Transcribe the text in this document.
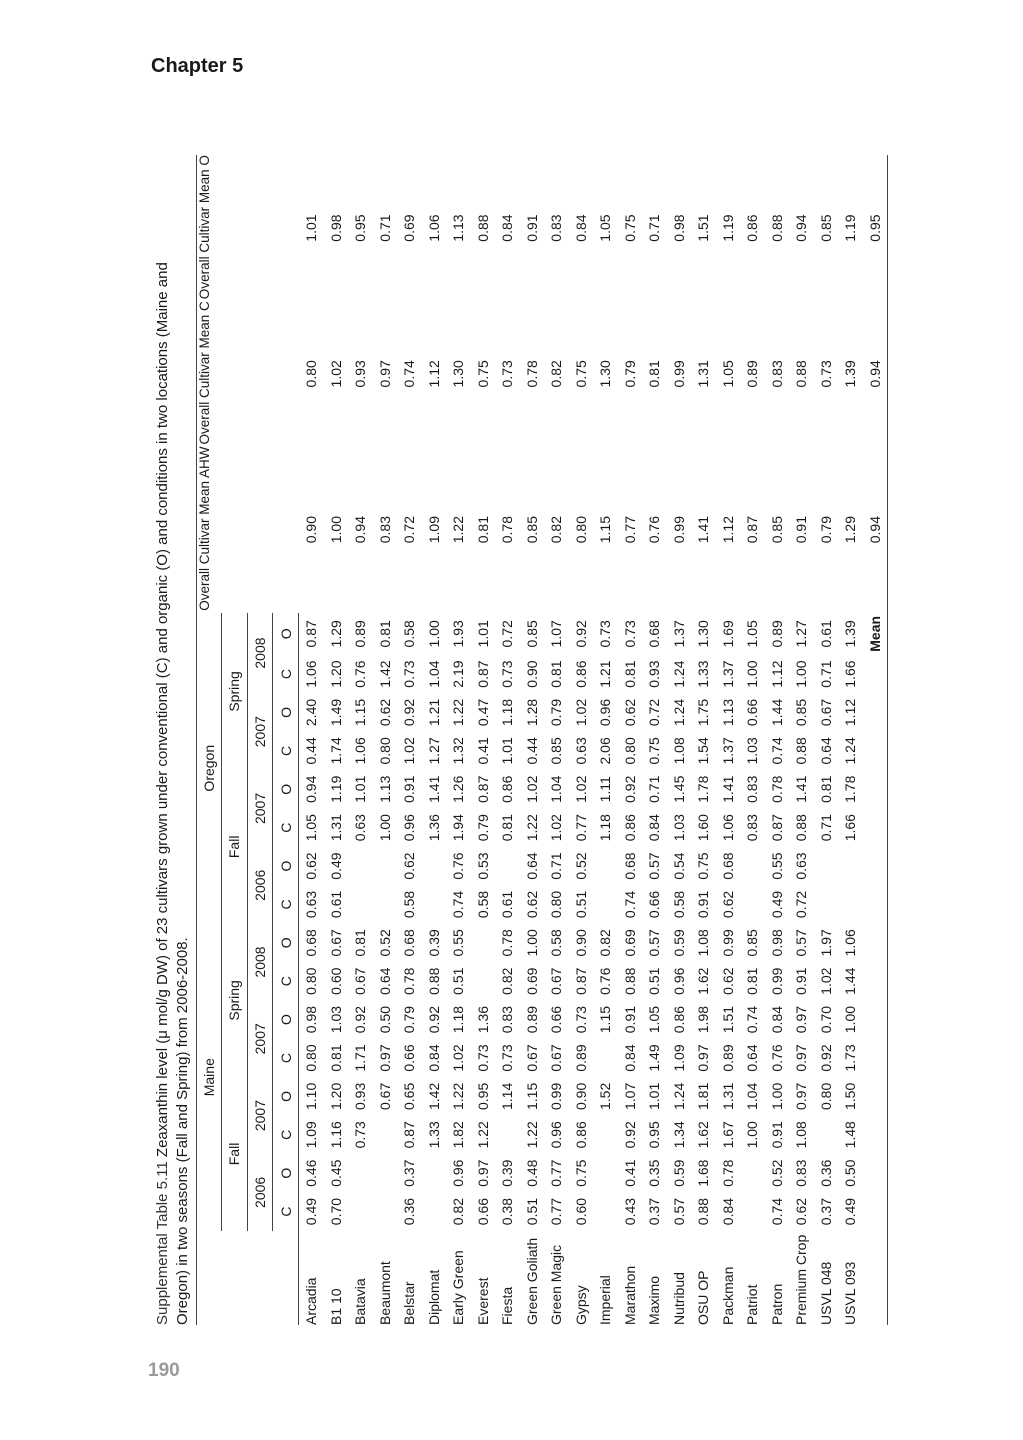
Chapter 5
190
Supplemental Table 5.11 Zeaxanthin level (μ mol/g DW) of 23 cultivars grown under conventional (C) and organic (O) and conditions in two locations (Maine and Oregon) in two seasons (Fall and Spring) from 2006-2008.
	Maine								Oregon								Overall Cultivar Mean AHW	Overall Cultivar Mean C	Overall Cultivar Mean O
	Fall				Spring				Fall				Spring						
	2006		2007		2007		2008		2006		2007		2007		2008				
	C	O	C	O	C	O	C	O	C	O	C	O	C	O	C	O			
Arcadia	0.49	0.46	1.09	1.10	0.80	0.98	0.80	0.68	0.63	0.62	1.05	0.94	0.44	2.40	1.06	0.87	0.90	0.80	1.01
B1 10	0.70	0.45	1.16	1.20	0.81	1.03	0.60	0.67	0.61	0.49	1.31	1.19	1.74	1.49	1.20	1.29	1.00	1.02	0.98
Batavia			0.73	0.93	1.71	0.92	0.67	0.81			0.63	1.01	1.06	1.15	0.76	0.89	0.94	0.93	0.95
Beaumont				0.67	0.97	0.50	0.64	0.52			1.00	1.13	0.80	0.62	1.42	0.81	0.83	0.97	0.71
Belstar	0.36	0.37	0.87	0.65	0.66	0.79	0.78	0.68	0.58	0.62	0.96	0.91	1.02	0.92	0.73	0.58	0.72	0.74	0.69
Diplomat			1.33	1.42	0.84	0.92	0.88	0.39			1.36	1.41	1.27	1.21	1.04	1.00	1.09	1.12	1.06
Early Green	0.82	0.96	1.82	1.22	1.02	1.18	0.51	0.55	0.74	0.76	1.94	1.26	1.32	1.22	2.19	1.93	1.22	1.30	1.13
Everest	0.66	0.97	1.22	0.95	0.73	1.36			0.58	0.53	0.79	0.87	0.41	0.47	0.87	1.01	0.81	0.75	0.88
Fiesta	0.38	0.39		1.14	0.73	0.83	0.82	0.78	0.61		0.81	0.86	1.01	1.18	0.73	0.72	0.78	0.73	0.84
Green Goliath	0.51	0.48	1.22	1.15	0.67	0.89	0.69	1.00	0.62	0.64	1.22	1.02	0.44	1.28	0.90	0.85	0.85	0.78	0.91
Green Magic	0.77	0.77	0.96	0.99	0.67	0.66	0.67	0.58	0.80	0.71	1.02	1.04	0.85	0.79	0.81	1.07	0.82	0.82	0.83
Gypsy	0.60	0.75	0.86	0.90	0.89	0.73	0.87	0.90	0.51	0.52	0.77	1.02	0.63	1.02	0.86	0.92	0.80	0.75	0.84
Imperial				1.52		1.15	0.76	0.82			1.18	1.11	2.06	0.96	1.21	0.73	1.15	1.30	1.05
Marathon	0.43	0.41	0.92	1.07	0.84	0.91	0.88	0.69	0.74	0.68	0.86	0.92	0.80	0.62	0.81	0.73	0.77	0.79	0.75
Maximo	0.37	0.35	0.95	1.01	1.49	1.05	0.51	0.57	0.66	0.57	0.84	0.71	0.75	0.72	0.93	0.68	0.76	0.81	0.71
Nutribud	0.57	0.59	1.34	1.24	1.09	0.86	0.96	0.59	0.58	0.54	1.03	1.45	1.08	1.24	1.24	1.37	0.99	0.99	0.98
OSU OP	0.88	1.68	1.62	1.81	0.97	1.98	1.62	1.08	0.91	0.75	1.60	1.78	1.54	1.75	1.33	1.30	1.41	1.31	1.51
Packman	0.84	0.78	1.67	1.31	0.89	1.51	0.62	0.99	0.62	0.68	1.06	1.41	1.37	1.13	1.37	1.69	1.12	1.05	1.19
Patriot			1.00	1.04	0.64	0.74	0.81	0.85			0.83	0.83	1.03	0.66	1.00	1.05	0.87	0.89	0.86
Patron	0.74	0.52	0.91	1.00	0.76	0.84	0.99	0.98	0.49	0.55	0.87	0.78	0.74	1.44	1.12	0.89	0.85	0.83	0.88
Premium Crop	0.62	0.83	1.08	0.97	0.97	0.97	0.91	0.57	0.72	0.63	0.88	1.41	0.88	0.85	1.00	1.27	0.91	0.88	0.94
USVL 048	0.37	0.36		0.80	0.92	0.70	1.02	1.97			0.71	0.81	0.64	0.67	0.71	0.61	0.79	0.73	0.85
USVL 093	0.49	0.50	1.48	1.50	1.73	1.00	1.44	1.06			1.66	1.78	1.24	1.12	1.66	1.39	1.29	1.39	1.19
																Mean	0.94	0.94	0.95
